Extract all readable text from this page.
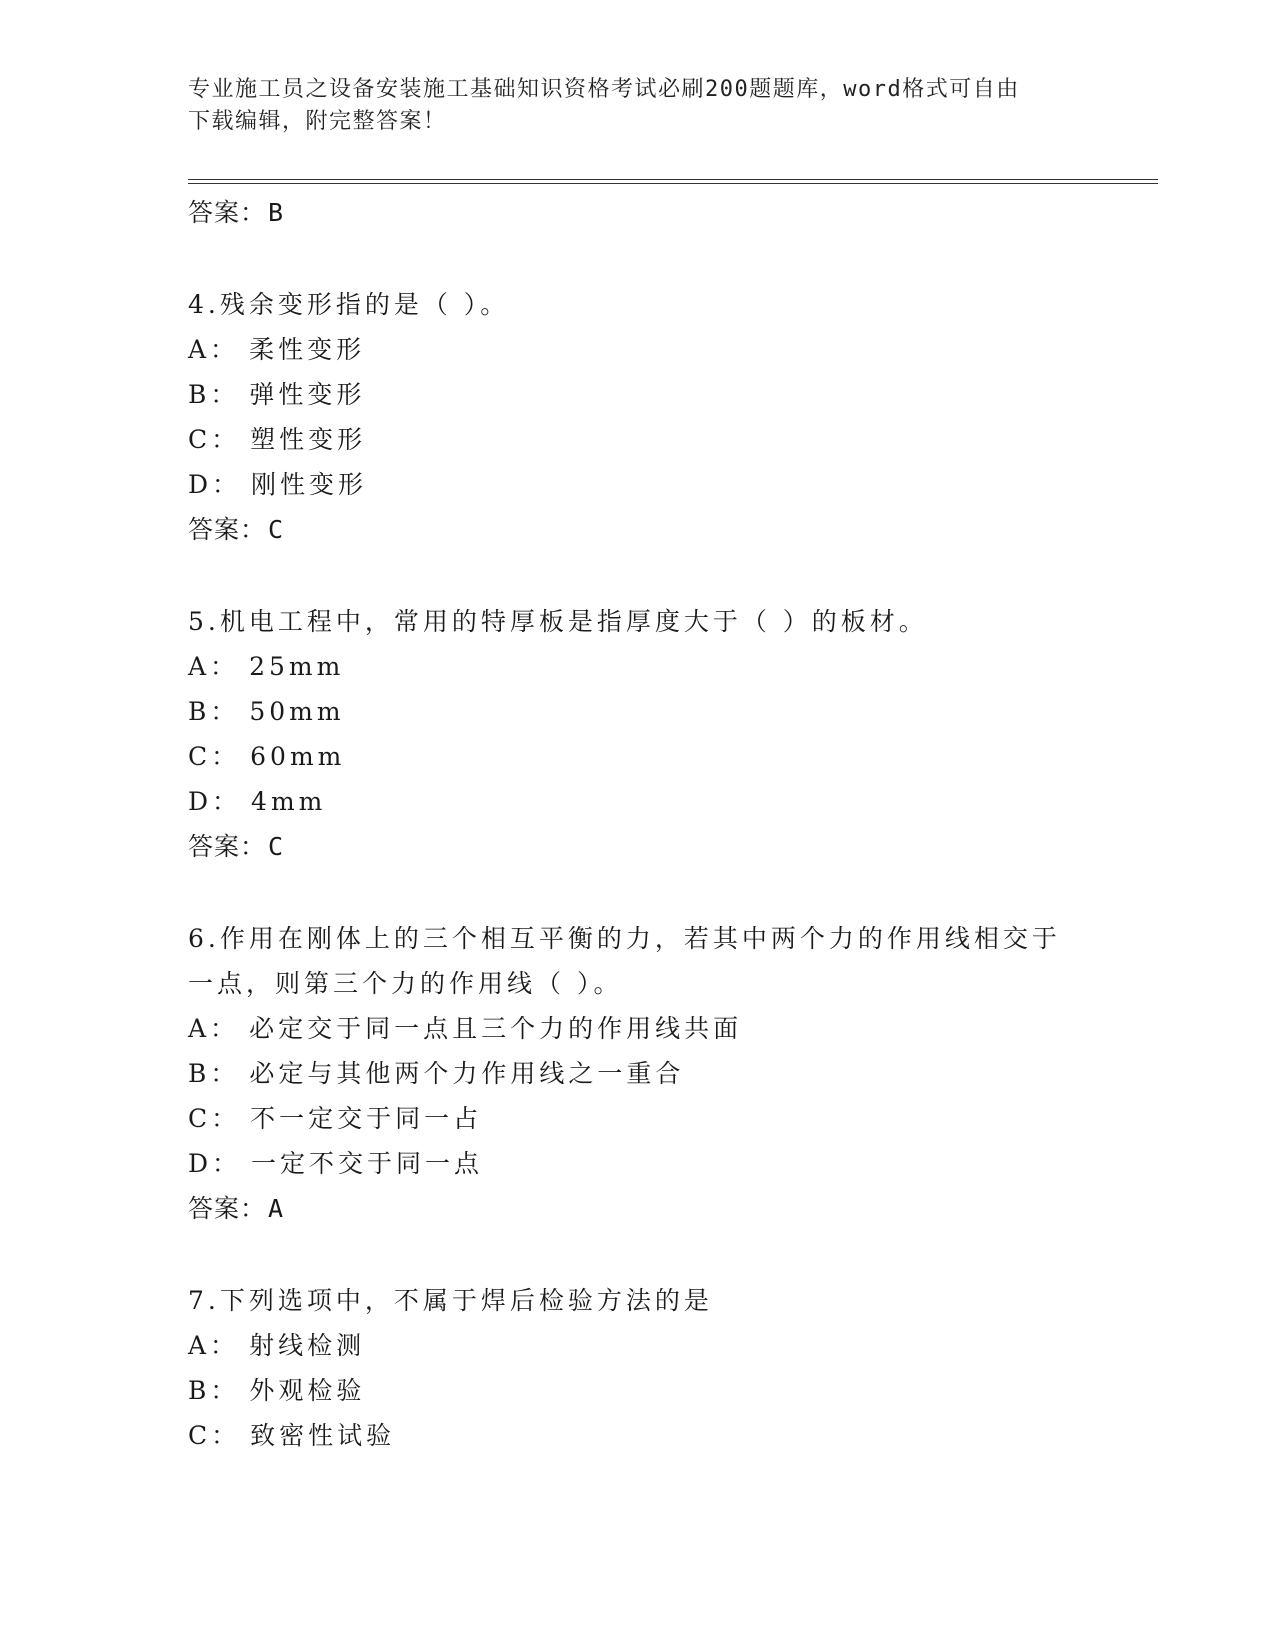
专业施工员之设备安装施工基础知识资格考试必刷200题题库，word格式可自由
下载编辑，附完整答案！
答案：B
4.残余变形指的是（ ）。
A： 柔性变形
B： 弹性变形
C： 塑性变形
D： 刚性变形
答案：C
5.机电工程中，常用的特厚板是指厚度大于（ ）的板材。
A： 25mm
B： 50mm
C： 60mm
D： 4mm
答案：C
6.作用在刚体上的三个相互平衡的力，若其中两个力的作用线相交于
一点，则第三个力的作用线（ ）。
A： 必定交于同一点且三个力的作用线共面
B： 必定与其他两个力作用线之一重合
C： 不一定交于同一占
D： 一定不交于同一点
答案：A
7.下列选项中，不属于焊后检验方法的是
A： 射线检测
B： 外观检验
C： 致密性试验
